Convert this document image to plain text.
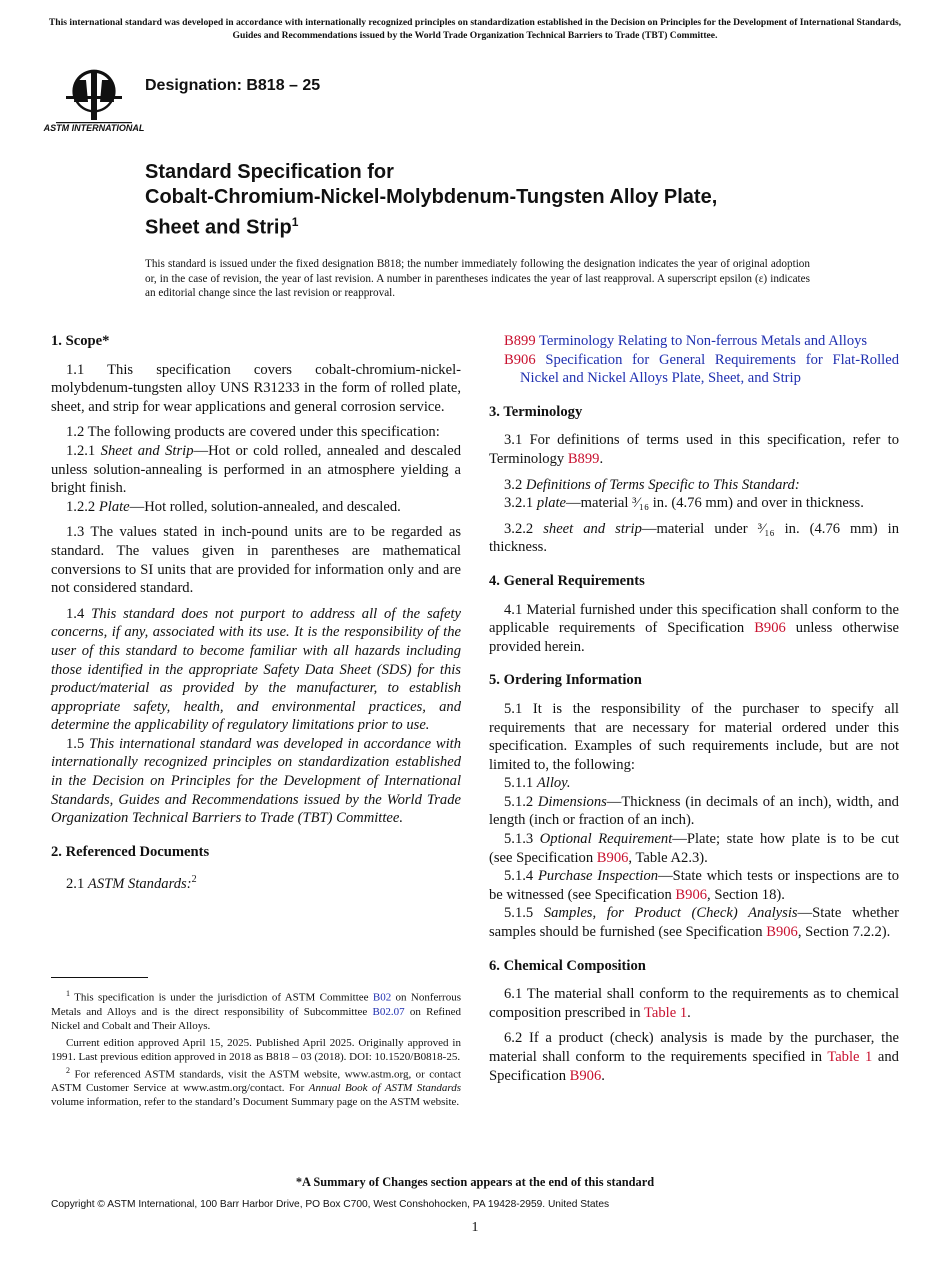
This international standard was developed in accordance with internationally recognized principles on standardization established in the Decision on Principles for the Development of International Standards, Guides and Recommendations issued by the World Trade Organization Technical Barriers to Trade (TBT) Committee.
ASTM INTERNATIONAL
Designation: B818 – 25
Standard Specification for
Cobalt-Chromium-Nickel-Molybdenum-Tungsten Alloy Plate,
Sheet and Strip$^1$
This standard is issued under the fixed designation B818; the number immediately following the designation indicates the year of original adoption or, in the case of revision, the year of last revision. A number in parentheses indicates the year of last reapproval. A superscript epsilon (ε) indicates an editorial change since the last revision or reapproval.
1. Scope*

1.1 This specification covers cobalt-chromium-nickel-molybdenum-tungsten alloy UNS R31233 in the form of rolled plate, sheet, and strip for wear applications and general corrosion service.

1.2 The following products are covered under this specification:

1.2.1 Sheet and Strip—Hot or cold rolled, annealed and descaled unless solution-annealing is performed in an atmosphere yielding a bright finish.

1.2.2 Plate—Hot rolled, solution-annealed, and descaled.

1.3 The values stated in inch-pound units are to be regarded as standard. The values given in parentheses are mathematical conversions to SI units that are provided for information only and are not considered standard.

1.4 This standard does not purport to address all of the safety concerns, if any, associated with its use. It is the responsibility of the user of this standard to become familiar with all hazards including those identified in the appropriate Safety Data Sheet (SDS) for this product/material as provided by the manufacturer, to establish appropriate safety, health, and environmental practices, and determine the applicability of regulatory limitations prior to use.

1.5 This international standard was developed in accordance with internationally recognized principles on standardization established in the Decision on Principles for the Development of International Standards, Guides and Recommendations issued by the World Trade Organization Technical Barriers to Trade (TBT) Committee.

2. Referenced Documents

2.1 ASTM Standards:$^2$

$^1$ This specification is under the jurisdiction of ASTM Committee B02 on Nonferrous Metals and Alloys and is the direct responsibility of Subcommittee B02.07 on Refined Nickel and Cobalt and Their Alloys.

Current edition approved April 15, 2025. Published April 2025. Originally approved in 1991. Last previous edition approved in 2018 as B818 – 03 (2018). DOI: 10.1520/B0818-25.

$^2$ For referenced ASTM standards, visit the ASTM website, www.astm.org, or contact ASTM Customer Service at www.astm.org/contact. For Annual Book of ASTM Standards volume information, refer to the standard’s Document Summary page on the ASTM website.

B899 Terminology Relating to Non-ferrous Metals and Alloys

B906 Specification for General Requirements for Flat-Rolled Nickel and Nickel Alloys Plate, Sheet, and Strip

3. Terminology

3.1 For definitions of terms used in this specification, refer to Terminology B899.

3.2 Definitions of Terms Specific to This Standard:

3.2.1 plate—material ³⁄₁₆ in. (4.76 mm) and over in thickness.

3.2.2 sheet and strip—material under ³⁄₁₆ in. (4.76 mm) in thickness.

4. General Requirements

4.1 Material furnished under this specification shall conform to the applicable requirements of Specification B906 unless otherwise provided herein.

5. Ordering Information

5.1 It is the responsibility of the purchaser to specify all requirements that are necessary for material ordered under this specification. Examples of such requirements include, but are not limited to, the following:

5.1.1 Alloy.

5.1.2 Dimensions—Thickness (in decimals of an inch), width, and length (inch or fraction of an inch).

5.1.3 Optional Requirement—Plate; state how plate is to be cut (see Specification B906, Table A2.3).

5.1.4 Purchase Inspection—State which tests or inspections are to be witnessed (see Specification B906, Section 18).

5.1.5 Samples, for Product (Check) Analysis—State whether samples should be furnished (see Specification B906, Section 7.2.2).

6. Chemical Composition

6.1 The material shall conform to the requirements as to chemical composition prescribed in Table 1.

6.2 If a product (check) analysis is made by the purchaser, the material shall conform to the requirements specified in Table 1 and Specification B906.

*A Summary of Changes section appears at the end of this standard
Copyright © ASTM International, 100 Barr Harbor Drive, PO Box C700, West Conshohocken, PA 19428-2959. United States
1
